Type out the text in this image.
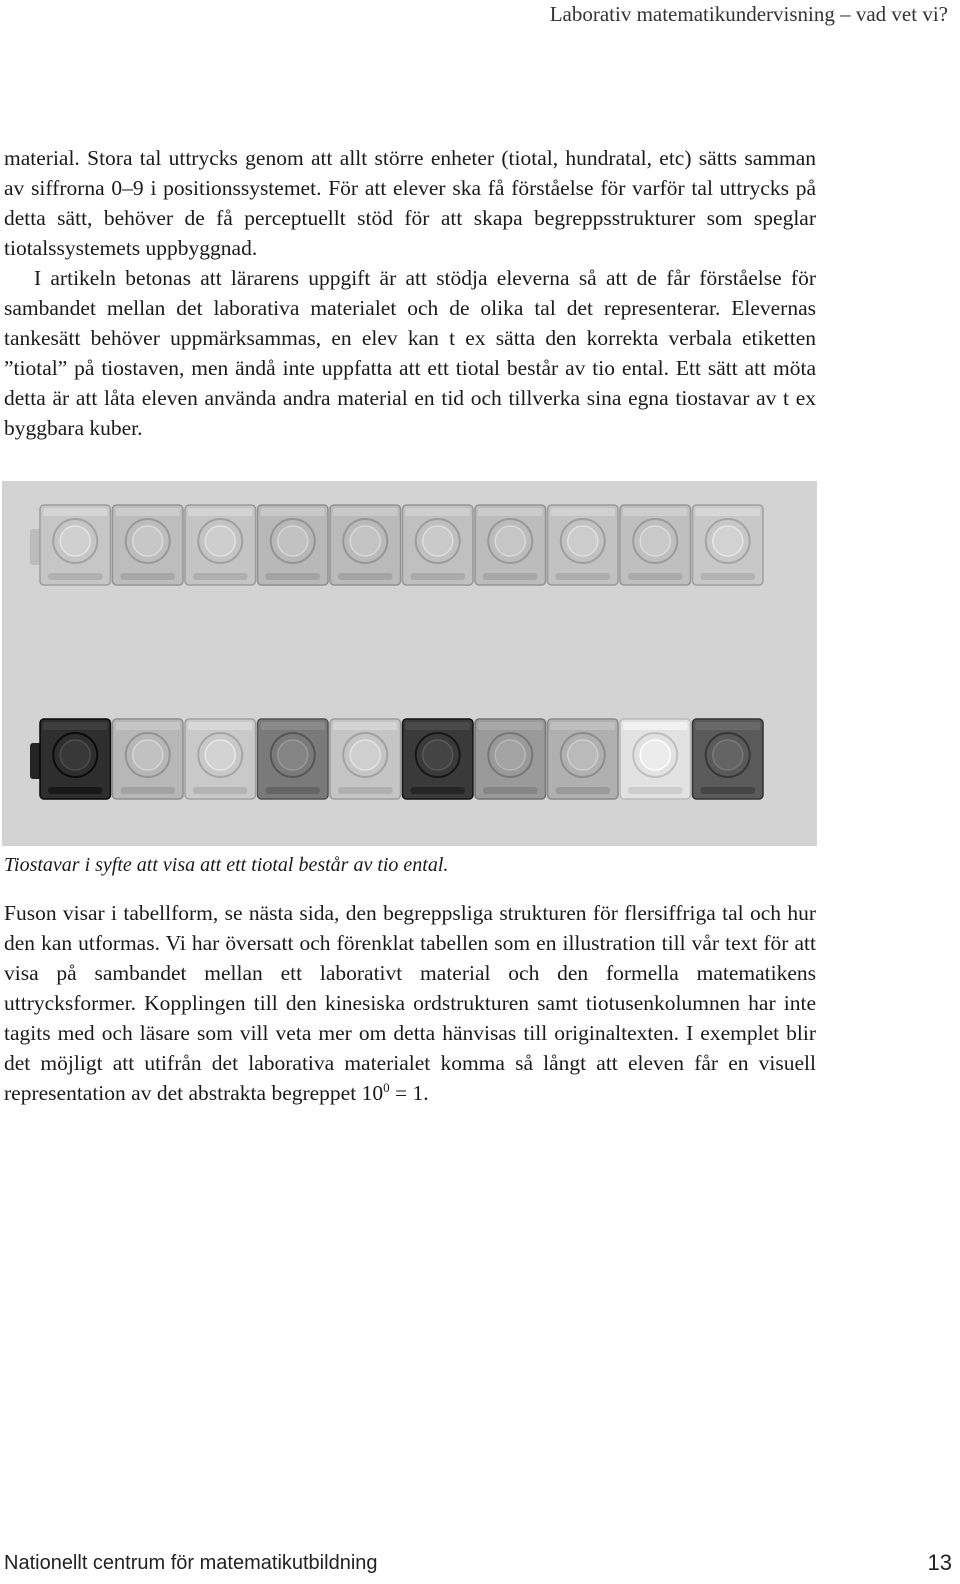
Laborativ matematikundervisning – vad vet vi?

material. Stora tal uttrycks genom att allt större enheter (tiotal, hundratal, etc) sätts samman av siffrorna 0–9 i positionssystemet. För att elever ska få förståelse för varför tal uttrycks på detta sätt, behöver de få perceptuellt stöd för att skapa begreppsstrukturer som speglar tiotalssystemets uppbyggnad.

I artikeln betonas att lärarens uppgift är att stödja eleverna så att de får förståelse för sambandet mellan det laborativa materialet och de olika tal det representerar. Elevernas tankesätt behöver uppmärksammas, en elev kan t ex sätta den korrekta verbala etiketten ”tiotal” på tiostaven, men ändå inte uppfatta att ett tiotal består av tio ental. Ett sätt att möta detta är att låta eleven använda andra material en tid och tillverka sina egna tiostavar av t ex byggbara kuber.

Tiostavar i syfte att visa att ett tiotal består av tio ental.

Fuson visar i tabellform, se nästa sida, den begreppsliga strukturen för flersiffriga tal och hur den kan utformas. Vi har översatt och förenklat tabellen som en illustration till vår text för att visa på sambandet mellan ett laborativt material och den formella matematikens uttrycksformer. Kopplingen till den kinesiska ordstrukturen samt tiotusenkolumnen har inte tagits med och läsare som vill veta mer om detta hänvisas till originaltexten. I exemplet blir det möjligt att utifrån det laborativa materialet komma så långt att eleven får en visuell representation av det abstrakta begreppet $10^0 = 1$.

Nationellt centrum för matematikutbildning	13
